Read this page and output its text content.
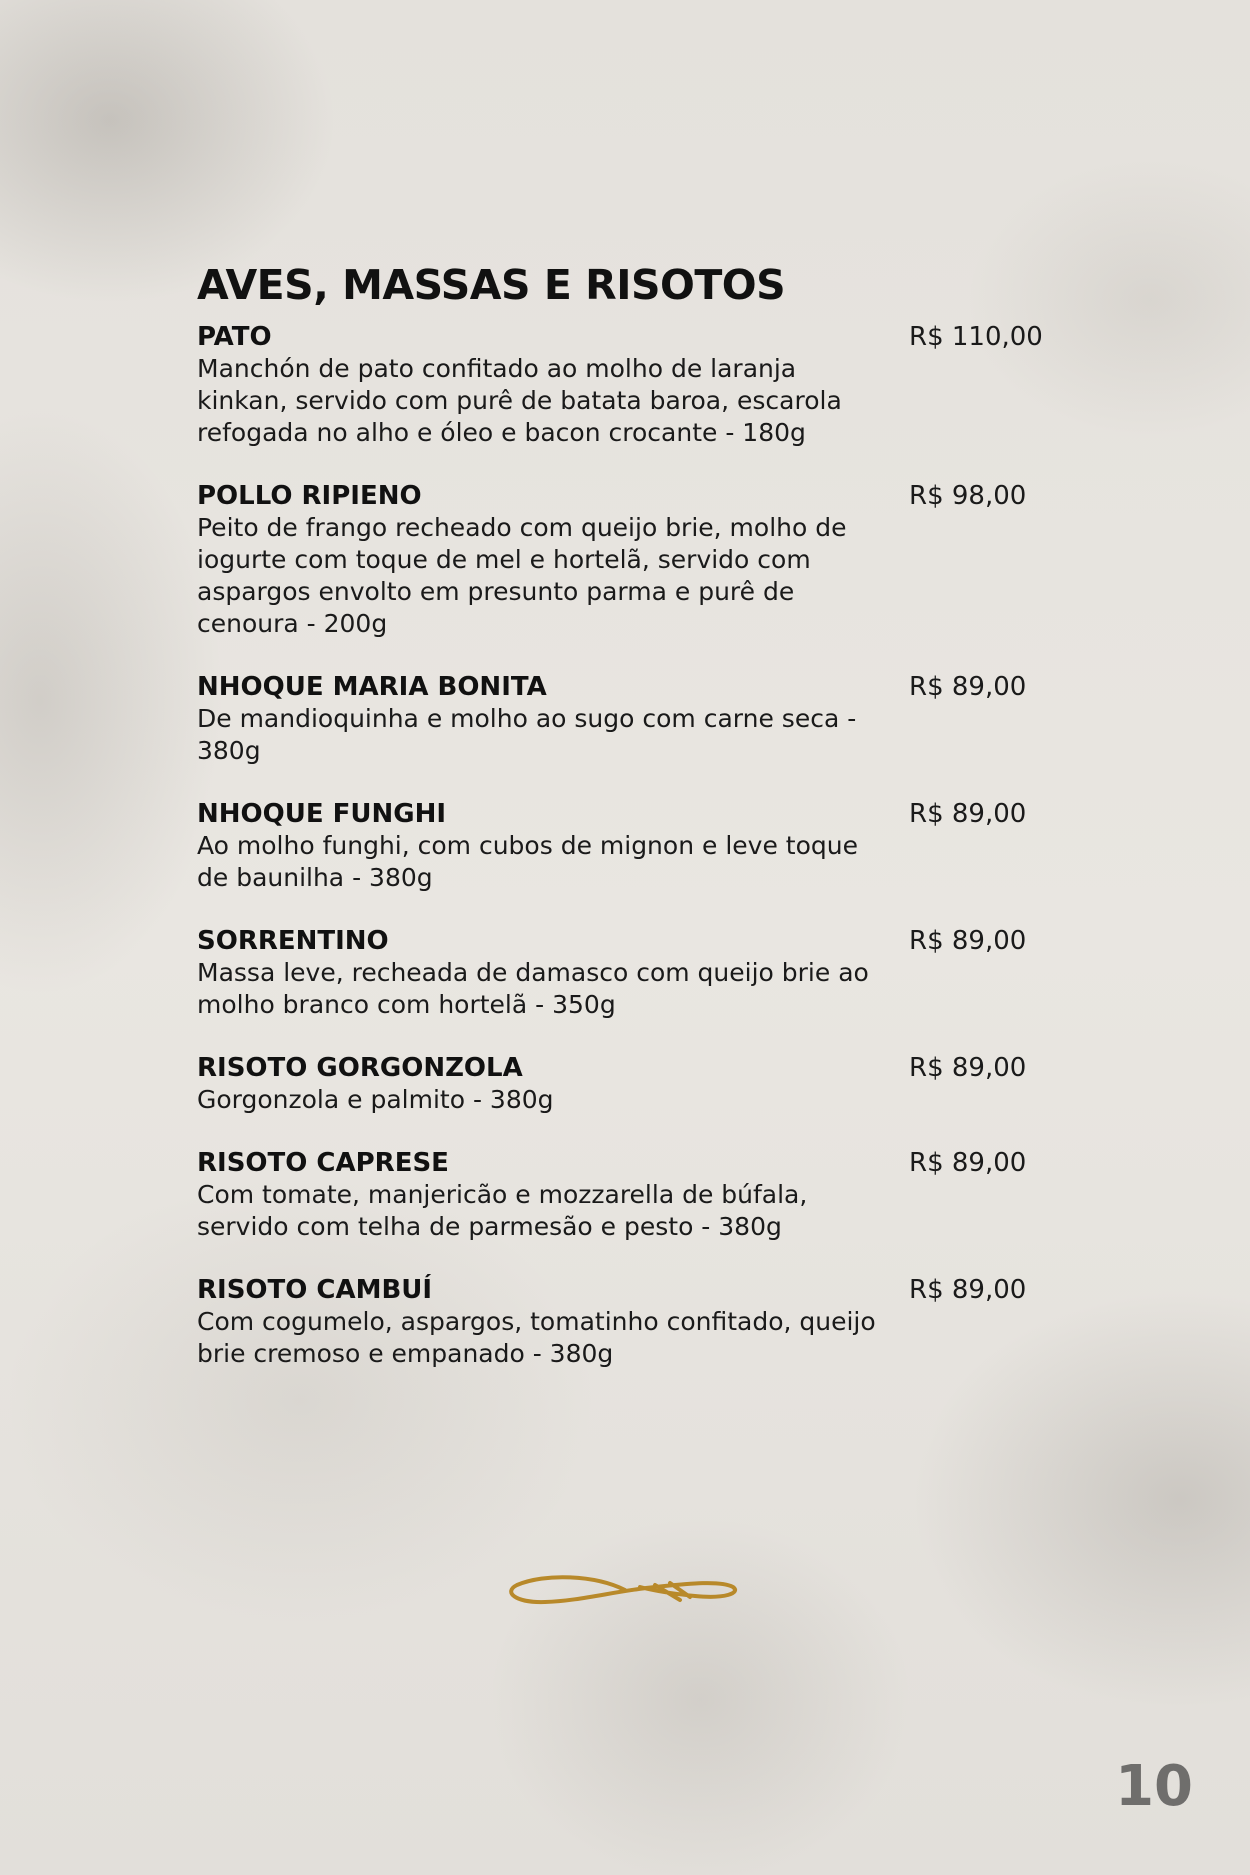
AVES, MASSAS E RISOTOS
PATO
Manchón de pato confitado ao molho de laranja kinkan, servido com purê de batata baroa, escarola refogada no alho e óleo e bacon crocante - 180g
R$ 110,00
POLLO RIPIENO
Peito de frango recheado com queijo brie, molho de iogurte com toque de mel e hortelã, servido com aspargos envolto em presunto parma e purê de cenoura - 200g
R$ 98,00
NHOQUE MARIA BONITA
De mandioquinha e molho ao sugo com carne seca - 380g
R$ 89,00
NHOQUE FUNGHI
Ao molho funghi, com cubos de mignon e leve toque de baunilha - 380g
R$ 89,00
SORRENTINO
Massa leve, recheada de damasco com queijo brie ao molho branco com hortelã - 350g
R$ 89,00
RISOTO GORGONZOLA
Gorgonzola e palmito - 380g
R$ 89,00
RISOTO CAPRESE
Com tomate, manjericão e mozzarella de búfala, servido com telha de parmesão e pesto - 380g
R$ 89,00
RISOTO CAMBUÍ
Com cogumelo, aspargos, tomatinho confitado, queijo brie cremoso e empanado - 380g
R$ 89,00
10
